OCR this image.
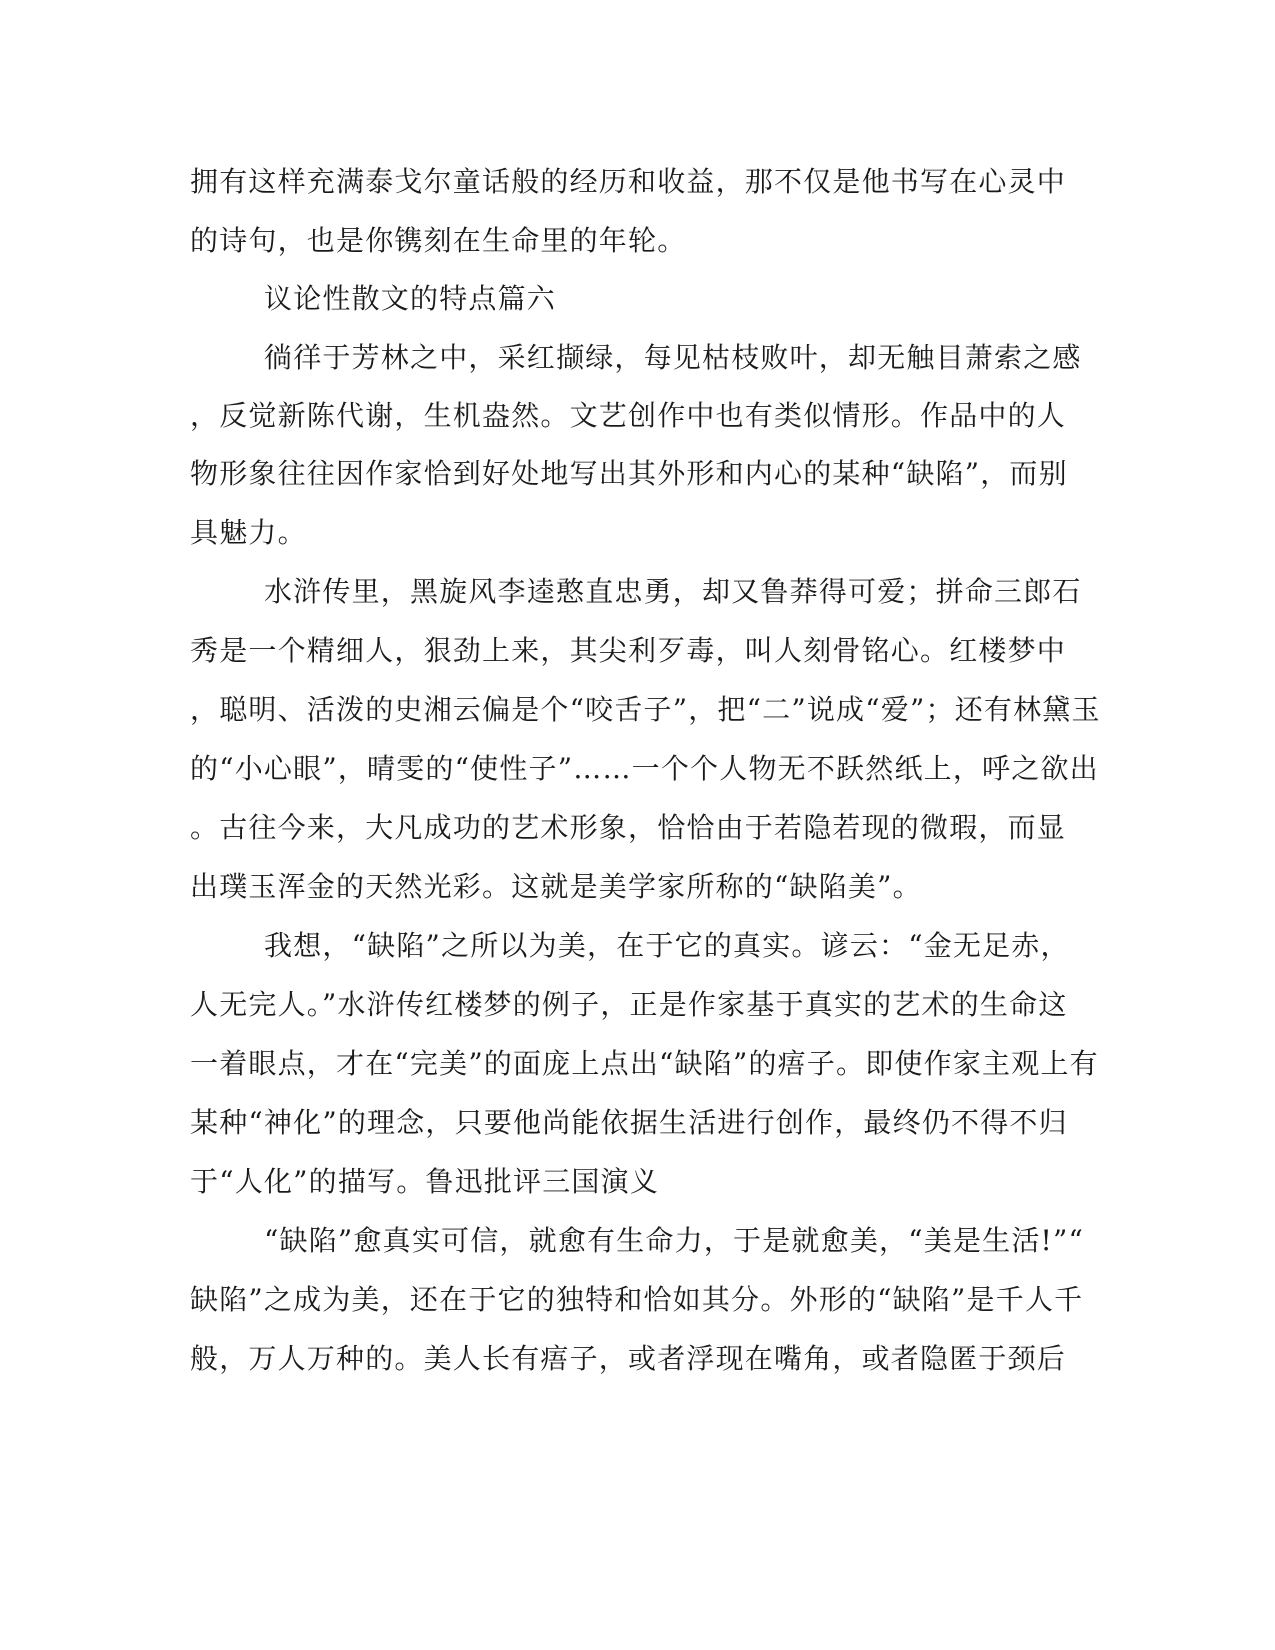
拥有这样充满泰戈尔童话般的经历和收益，那不仅是他书写在心灵中
的诗句，也是你镌刻在生命里的年轮。
议论性散文的特点篇六
徜徉于芳林之中，采红撷绿，每见枯枝败叶，却无触目萧索之感
，反觉新陈代谢，生机盎然。文艺创作中也有类似情形。作品中的人
物形象往往因作家恰到好处地写出其外形和内心的某种“缺陷”，而别
具魅力。
水浒传里，黑旋风李逵憨直忠勇，却又鲁莽得可爱；拼命三郎石
秀是一个精细人，狠劲上来，其尖利歹毒，叫人刻骨铭心。红楼梦中
，聪明、活泼的史湘云偏是个“咬舌子”，把“二”说成“爱”；还有林黛玉
的“小心眼”，晴雯的“使性子”……一个个人物无不跃然纸上，呼之欲出
。古往今来，大凡成功的艺术形象，恰恰由于若隐若现的微瑕，而显
出璞玉浑金的天然光彩。这就是美学家所称的“缺陷美”。
我想，“缺陷”之所以为美，在于它的真实。谚云：“金无足赤，
人无完人。”水浒传红楼梦的例子，正是作家基于真实的艺术的生命这
一着眼点，才在“完美”的面庞上点出“缺陷”的痦子。即使作家主观上有
某种“神化”的理念，只要他尚能依据生活进行创作，最终仍不得不归
于“人化”的描写。鲁迅批评三国演义
“缺陷”愈真实可信，就愈有生命力，于是就愈美，“美是生活!”“
缺陷”之成为美，还在于它的独特和恰如其分。外形的“缺陷”是千人千
般，万人万种的。美人长有痦子，或者浮现在嘴角，或者隐匿于颈后
